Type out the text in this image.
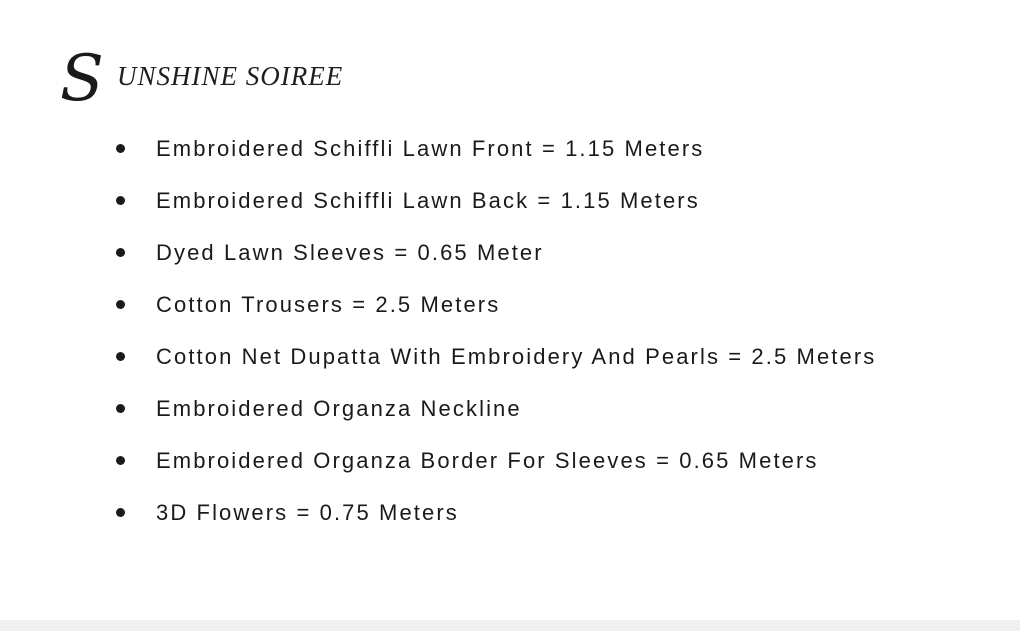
S UNSHINE SOIREE
Embroidered Schiffli Lawn Front = 1.15 Meters
Embroidered Schiffli Lawn Back = 1.15 Meters
Dyed Lawn Sleeves = 0.65 Meter
Cotton Trousers = 2.5 Meters
Cotton Net Dupatta With Embroidery And Pearls = 2.5 Meters
Embroidered Organza Neckline
Embroidered Organza Border For Sleeves = 0.65 Meters
3D Flowers = 0.75 Meters
